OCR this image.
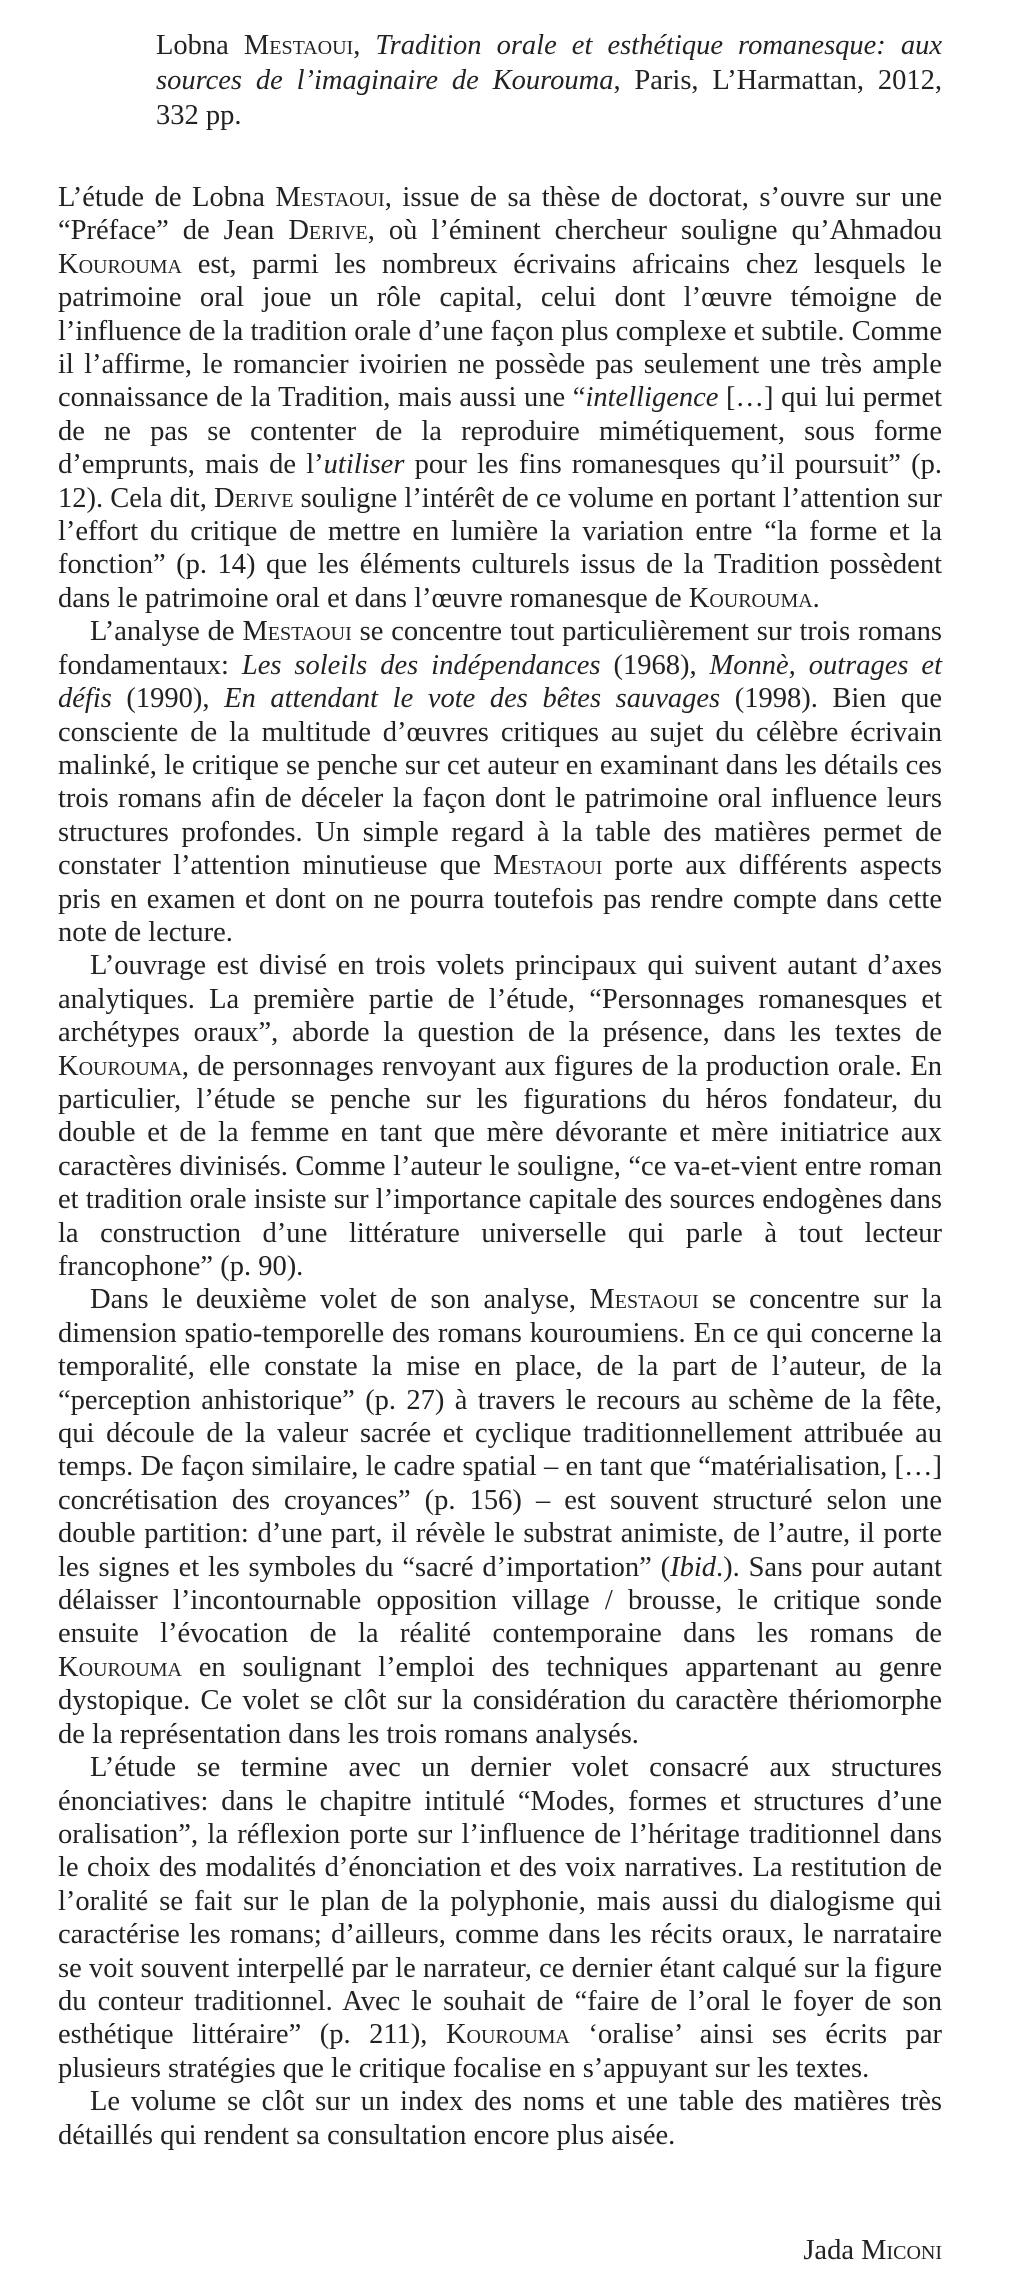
Lobna Mestaoui, Tradition orale et esthétique romanesque: aux sources de l’imaginaire de Kourouma, Paris, L’Harmattan, 2012, 332 pp.

L’étude de Lobna Mestaoui, issue de sa thèse de doctorat, s’ouvre sur une “Préface” de Jean Derive, où l’éminent chercheur souligne qu’Ahmadou Kourouma est, parmi les nombreux écrivains africains chez lesquels le patrimoine oral joue un rôle capital, celui dont l’œuvre témoigne de l’influence de la tradition orale d’une façon plus complexe et subtile. Comme il l’affirme, le romancier ivoirien ne possède pas seulement une très ample connaissance de la Tradition, mais aussi une “intelligence […] qui lui permet de ne pas se contenter de la reproduire mimétiquement, sous forme d’emprunts, mais de l’utiliser pour les fins romanesques qu’il poursuit” (p. 12). Cela dit, Derive souligne l’intérêt de ce volume en portant l’attention sur l’effort du critique de mettre en lumière la variation entre “la forme et la fonction” (p. 14) que les éléments culturels issus de la Tradition possèdent dans le patrimoine oral et dans l’œuvre romanesque de Kourouma.

L’analyse de Mestaoui se concentre tout particulièrement sur trois romans fondamentaux: Les soleils des indépendances (1968), Monnè, outrages et défis (1990), En attendant le vote des bêtes sauvages (1998). Bien que consciente de la multitude d’œuvres critiques au sujet du célèbre écrivain malinké, le critique se penche sur cet auteur en examinant dans les détails ces trois romans afin de déceler la façon dont le patrimoine oral influence leurs structures profondes. Un simple regard à la table des matières permet de constater l’attention minutieuse que Mestaoui porte aux différents aspects pris en examen et dont on ne pourra toutefois pas rendre compte dans cette note de lecture.

L’ouvrage est divisé en trois volets principaux qui suivent autant d’axes analytiques. La première partie de l’étude, “Personnages romanesques et archétypes oraux”, aborde la question de la présence, dans les textes de Kourouma, de personnages renvoyant aux figures de la production orale. En particulier, l’étude se penche sur les figurations du héros fondateur, du double et de la femme en tant que mère dévorante et mère initiatrice aux caractères divinisés. Comme l’auteur le souligne, “ce va-et-vient entre roman et tradition orale insiste sur l’importance capitale des sources endogènes dans la construction d’une littérature universelle qui parle à tout lecteur francophone” (p. 90).

Dans le deuxième volet de son analyse, Mestaoui se concentre sur la dimension spatio-temporelle des romans kouroumiens. En ce qui concerne la temporalité, elle constate la mise en place, de la part de l’auteur, de la “perception anhistorique” (p. 27) à travers le recours au schème de la fête, qui découle de la valeur sacrée et cyclique traditionnellement attribuée au temps. De façon similaire, le cadre spatial – en tant que “matérialisation, […] concrétisation des croyances” (p. 156) – est souvent structuré selon une double partition: d’une part, il révèle le substrat animiste, de l’autre, il porte les signes et les symboles du “sacré d’importation” (Ibid.). Sans pour autant délaisser l’incontournable opposition village / brousse, le critique sonde ensuite l’évocation de la réalité contemporaine dans les romans de Kourouma en soulignant l’emploi des techniques appartenant au genre dystopique. Ce volet se clôt sur la considération du caractère thériomorphe de la représentation dans les trois romans analysés.

L’étude se termine avec un dernier volet consacré aux structures énonciatives: dans le chapitre intitulé “Modes, formes et structures d’une oralisation”, la réflexion porte sur l’influence de l’héritage traditionnel dans le choix des modalités d’énonciation et des voix narratives. La restitution de l’oralité se fait sur le plan de la polyphonie, mais aussi du dialogisme qui caractérise les romans; d’ailleurs, comme dans les récits oraux, le narrataire se voit souvent interpellé par le narrateur, ce dernier étant calqué sur la figure du conteur traditionnel. Avec le souhait de “faire de l’oral le foyer de son esthétique littéraire” (p. 211), Kourouma ‘oralise’ ainsi ses écrits par plusieurs stratégies que le critique focalise en s’appuyant sur les textes.

Le volume se clôt sur un index des noms et une table des matières très détaillés qui rendent sa consultation encore plus aisée.

Jada Miconi
